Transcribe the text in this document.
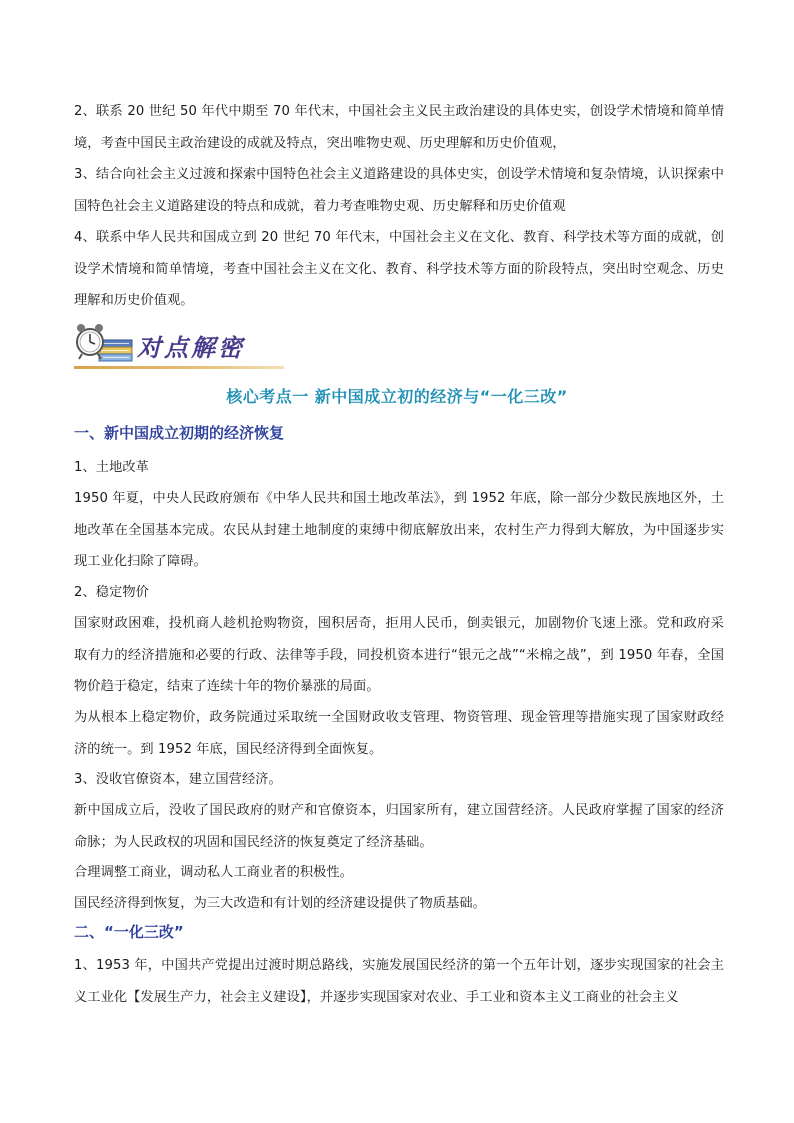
2、联系 20 世纪 50 年代中期至 70 年代末，中国社会主义民主政治建设的具体史实，创设学术情境和简单情境，考查中国民主政治建设的成就及特点，突出唯物史观、历史理解和历史价值观，
3、结合向社会主义过渡和探索中国特色社会主义道路建设的具体史实，创设学术情境和复杂情境，认识探索中国特色社会主义道路建设的特点和成就，着力考查唯物史观、历史解释和历史价值观
4、联系中华人民共和国成立到 20 世纪 70 年代末，中国社会主义在文化、教育、科学技术等方面的成就，创设学术情境和简单情境，考查中国社会主义在文化、教育、科学技术等方面的阶段特点，突出时空观念、历史理解和历史价值观。
对点解密
核心考点一 新中国成立初的经济与“一化三改”
一、新中国成立初期的经济恢复
1、土地改革
1950 年夏，中央人民政府颁布《中华人民共和国土地改革法》，到 1952 年底，除一部分少数民族地区外，土地改革在全国基本完成。农民从封建土地制度的束缚中彻底解放出来，农村生产力得到大解放，为中国逐步实现工业化扫除了障碍。
2、稳定物价
国家财政困难，投机商人趁机抢购物资，囤积居奇，拒用人民币，倒卖银元，加剧物价飞速上涨。党和政府采取有力的经济措施和必要的行政、法律等手段，同投机资本进行“银元之战”“米棉之战”，到 1950 年春，全国物价趋于稳定，结束了连续十年的物价暴涨的局面。
为从根本上稳定物价，政务院通过采取统一全国财政收支管理、物资管理、现金管理等措施实现了国家财政经济的统一。到 1952 年底，国民经济得到全面恢复。
3、没收官僚资本，建立国营经济。
新中国成立后，没收了国民政府的财产和官僚资本，归国家所有，建立国营经济。人民政府掌握了国家的经济命脉；为人民政权的巩固和国民经济的恢复奠定了经济基础。
合理调整工商业，调动私人工商业者的积极性。
国民经济得到恢复，为三大改造和有计划的经济建设提供了物质基础。
二、“一化三改”
1、1953 年，中国共产党提出过渡时期总路线，实施发展国民经济的第一个五年计划，逐步实现国家的社会主义工业化【发展生产力，社会主义建设】，并逐步实现国家对农业、手工业和资本主义工商业的社会主义
